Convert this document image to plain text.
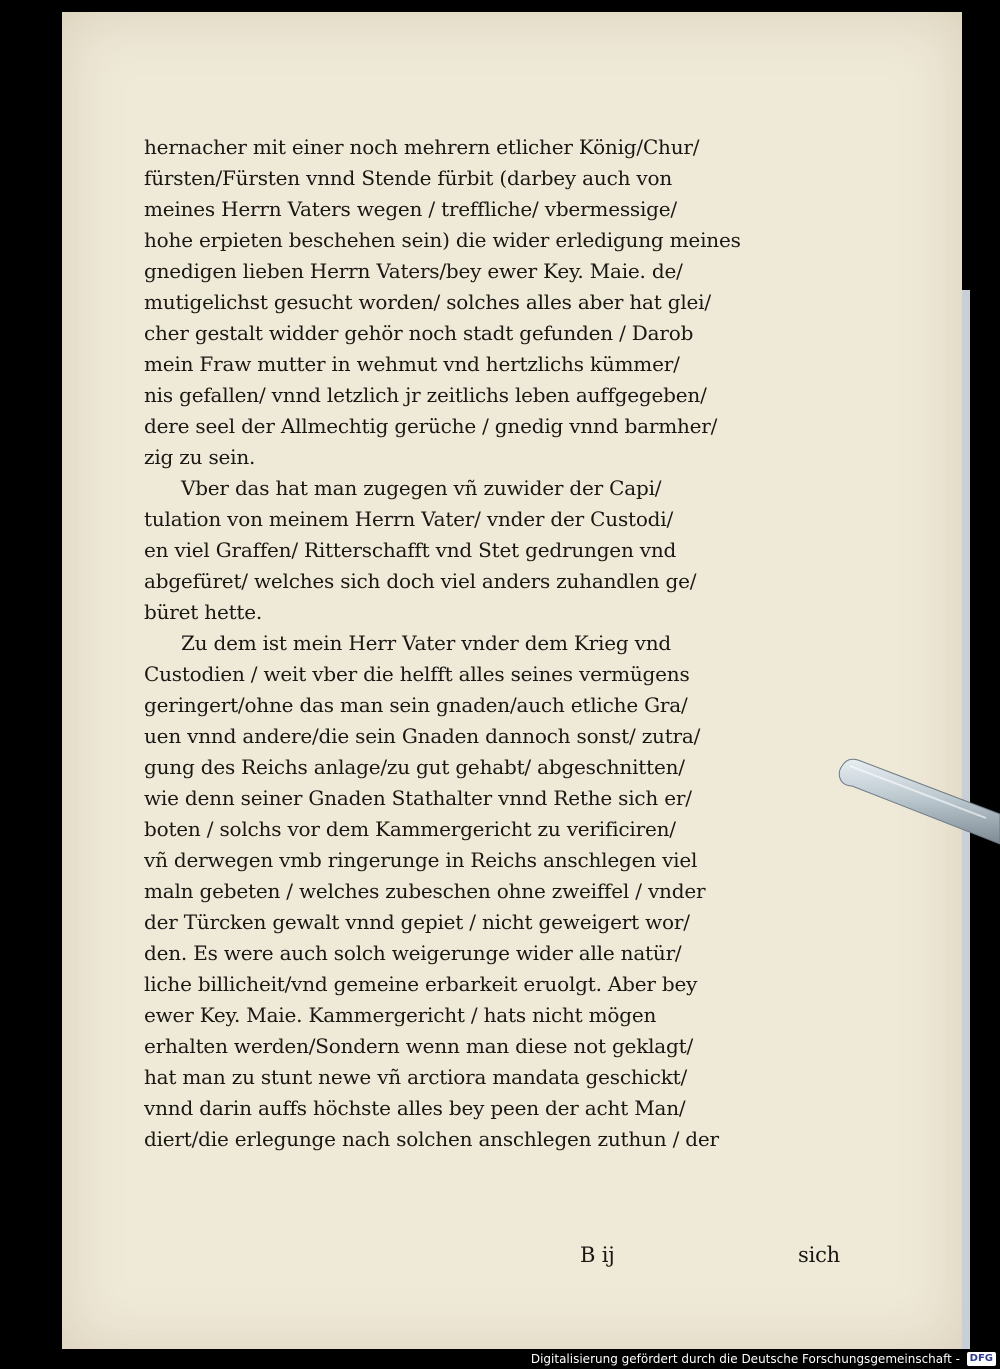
hernacher mit einer noch mehrern etlicher König/Chur/
fürsten/Fürsten vnnd Stende fürbit (darbey auch von
meines Herrn Vaters wegen / treffliche/ vbermessige/
hohe erpieten beschehen sein) die wider erledigung meines
gnedigen lieben Herrn Vaters/bey ewer Key. Maie. de/
mutigelichst gesucht worden/ solches alles aber hat glei/
cher gestalt widder gehör noch stadt gefunden / Darob
mein Fraw mutter in wehmut vnd hertzlichs kümmer/
nis gefallen/ vnnd letzlich jr zeitlichs leben auffgegeben/
dere seel der Allmechtig gerüche / gnedig vnnd barmher/
zig zu sein.
Vber das hat man zugegen vñ zuwider der Capi/
tulation von meinem Herrn Vater/ vnder der Custodi/
en viel Graffen/ Ritterschafft vnd Stet gedrungen vnd
abgefüret/ welches sich doch viel anders zuhandlen ge/
büret hette.
Zu dem ist mein Herr Vater vnder dem Krieg vnd
Custodien / weit vber die helfft alles seines vermügens
geringert/ohne das man sein gnaden/auch etliche Gra/
uen vnnd andere/die sein Gnaden dannoch sonst/ zutra/
gung des Reichs anlage/zu gut gehabt/ abgeschnitten/
wie denn seiner Gnaden Stathalter vnnd Rethe sich er/
boten / solchs vor dem Kammergericht zu verificiren/
vñ derwegen vmb ringerunge in Reichs anschlegen viel
maln gebeten / welches zubeschen ohne zweiffel / vnder
der Türcken gewalt vnnd gepiet / nicht geweigert wor/
den. Es were auch solch weigerunge wider alle natür/
liche billicheit/vnd gemeine erbarkeit eruolgt. Aber bey
ewer Key. Maie. Kammergericht / hats nicht mögen
erhalten werden/Sondern wenn man diese not geklagt/
hat man zu stunt newe vñ arctiora mandata geschickt/
vnnd darin auffs höchste alles bey peen der acht Man/
diert/die erlegunge nach solchen anschlegen zuthun / der
B ij	sich
Digitalisierung gefördert durch die Deutsche Forschungsgemeinschaft - DFG
